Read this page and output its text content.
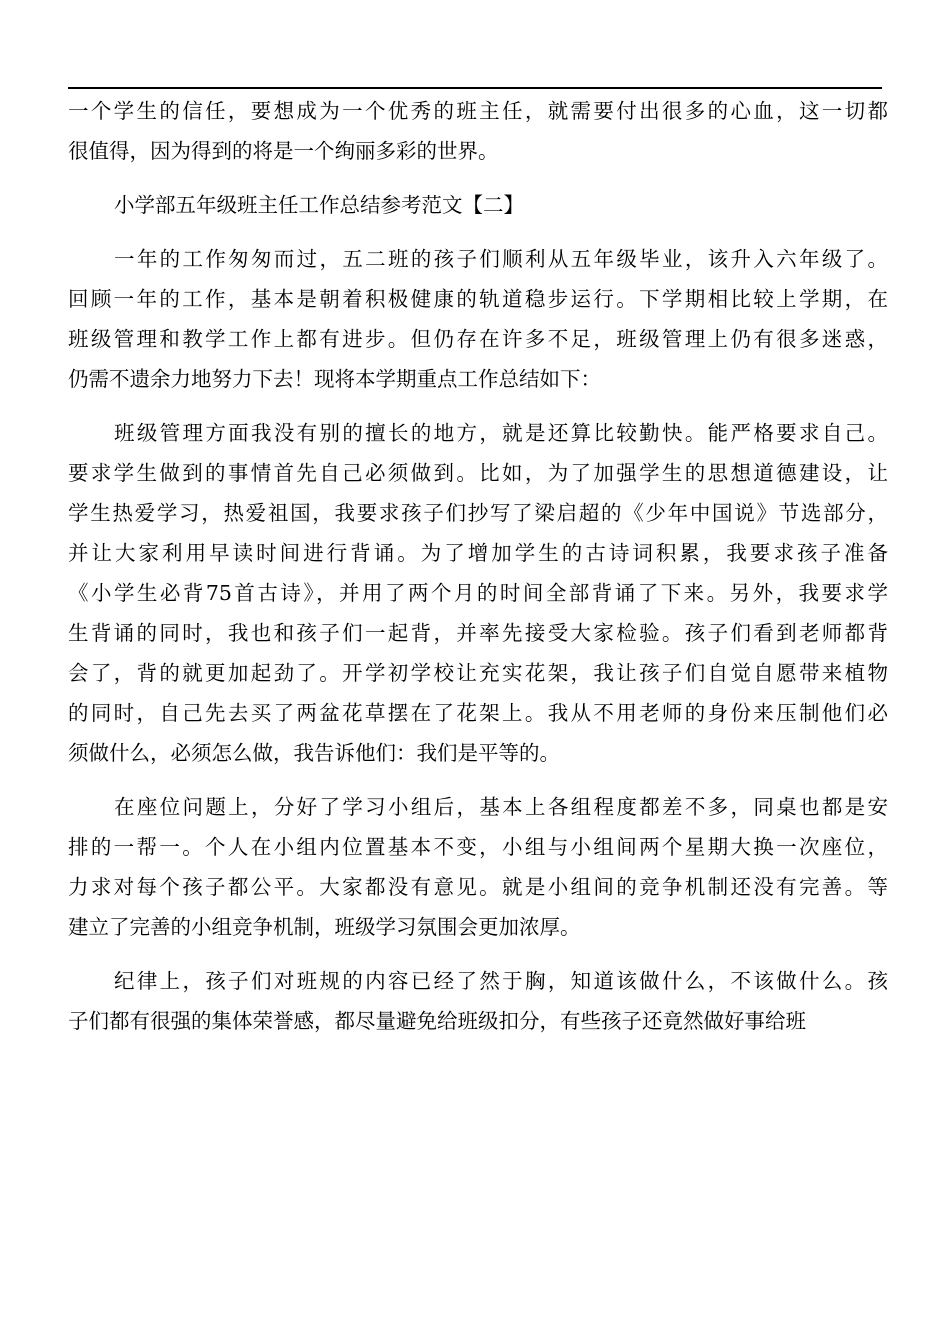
一个学生的信任，要想成为一个优秀的班主任，就需要付出很多的心血，这一切都
很值得，因为得到的将是一个绚丽多彩的世界。
小学部五年级班主任工作总结参考范文【二】
一年的工作匆匆而过，五二班的孩子们顺利从五年级毕业，该升入六年级了。
回顾一年的工作，基本是朝着积极健康的轨道稳步运行。下学期相比较上学期，在
班级管理和教学工作上都有进步。但仍存在许多不足，班级管理上仍有很多迷惑，
仍需不遗余力地努力下去！现将本学期重点工作总结如下：
班级管理方面我没有别的擅长的地方，就是还算比较勤快。能严格要求自己。
要求学生做到的事情首先自己必须做到。比如，为了加强学生的思想道德建设，让
学生热爱学习，热爱祖国，我要求孩子们抄写了梁启超的《少年中国说》节选部分，
并让大家利用早读时间进行背诵。为了增加学生的古诗词积累，我要求孩子准备
《小学生必背75首古诗》，并用了两个月的时间全部背诵了下来。另外，我要求学
生背诵的同时，我也和孩子们一起背，并率先接受大家检验。孩子们看到老师都背
会了，背的就更加起劲了。开学初学校让充实花架，我让孩子们自觉自愿带来植物
的同时，自己先去买了两盆花草摆在了花架上。我从不用老师的身份来压制他们必
须做什么，必须怎么做，我告诉他们：我们是平等的。
在座位问题上，分好了学习小组后，基本上各组程度都差不多，同桌也都是安
排的一帮一。个人在小组内位置基本不变，小组与小组间两个星期大换一次座位，
力求对每个孩子都公平。大家都没有意见。就是小组间的竞争机制还没有完善。等
建立了完善的小组竞争机制，班级学习氛围会更加浓厚。
纪律上，孩子们对班规的内容已经了然于胸，知道该做什么，不该做什么。孩
子们都有很强的集体荣誉感，都尽量避免给班级扣分，有些孩子还竟然做好事给班
